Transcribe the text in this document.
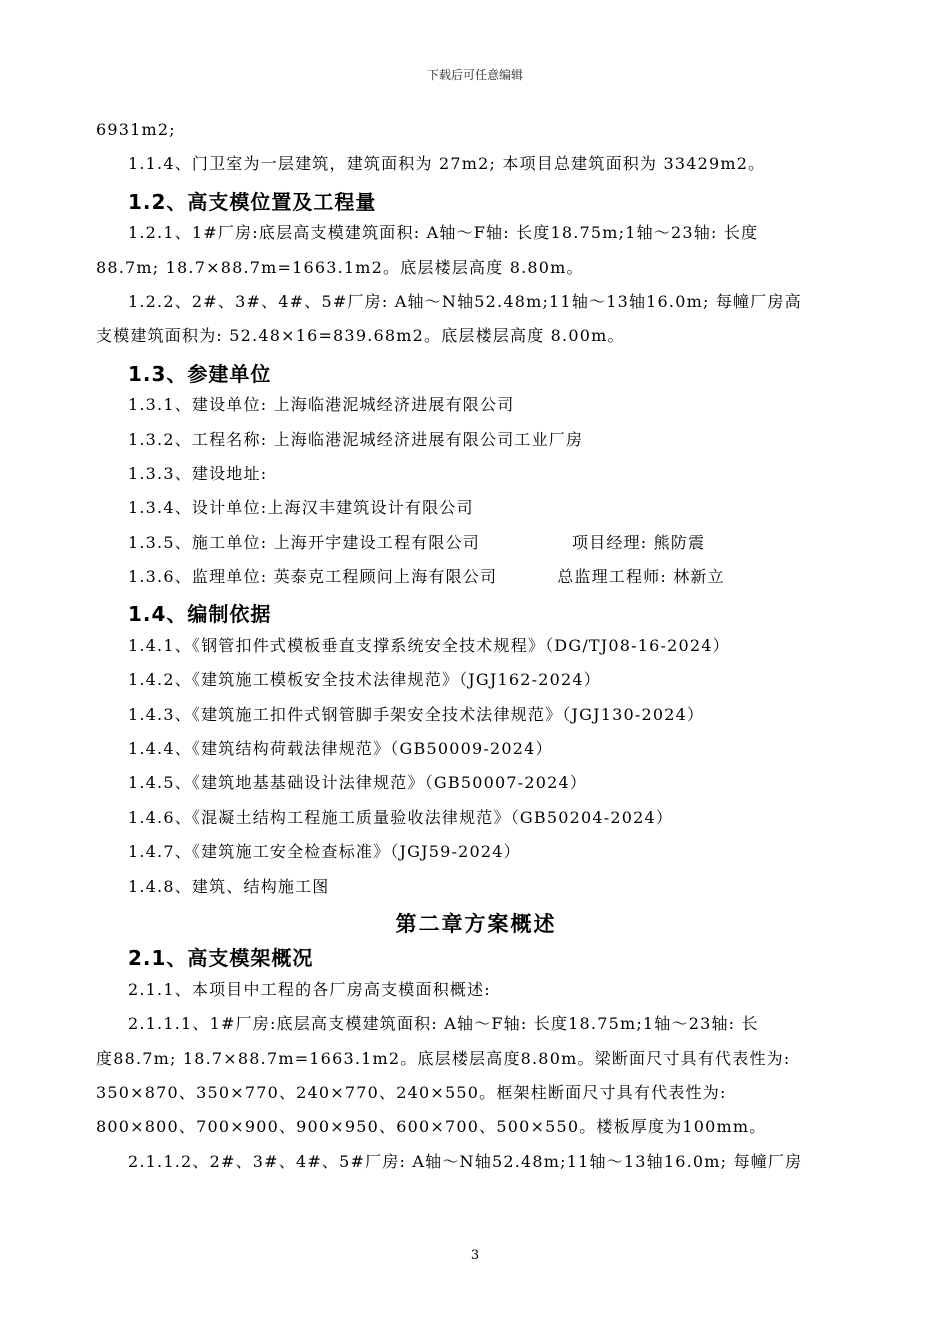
下载后可任意编辑
6931m2;
1.1.4、门卫室为一层建筑，建筑面积为 27m2; 本项目总建筑面积为 33429m2。
1.2、高支模位置及工程量
1.2.1、1#厂房:底层高支模建筑面积: A轴～F轴: 长度18.75m;1轴～23轴: 长度
88.7m; 18.7×88.7m=1663.1m2。底层楼层高度 8.80m。
1.2.2、2#、3#、4#、5#厂房: A轴～N轴52.48m;11轴～13轴16.0m; 每幢厂房高
支模建筑面积为: 52.48×16=839.68m2。底层楼层高度 8.00m。
1.3、参建单位
1.3.1、建设单位: 上海临港泥城经济进展有限公司
1.3.2、工程名称: 上海临港泥城经济进展有限公司工业厂房
1.3.3、建设地址:
1.3.4、设计单位:上海汉丰建筑设计有限公司
1.3.5、施工单位: 上海开宇建设工程有限公司	项目经理: 熊防震
1.3.6、监理单位: 英泰克工程顾问上海有限公司	总监理工程师: 林新立
1.4、编制依据
1.4.1、《钢管扣件式模板垂直支撑系统安全技术规程》（DG/TJ08-16-2024）
1.4.2、《建筑施工模板安全技术法律规范》（JGJ162-2024）
1.4.3、《建筑施工扣件式钢管脚手架安全技术法律规范》（JGJ130-2024）
1.4.4、《建筑结构荷载法律规范》（GB50009-2024）
1.4.5、《建筑地基基础设计法律规范》（GB50007-2024）
1.4.6、《混凝土结构工程施工质量验收法律规范》（GB50204-2024）
1.4.7、《建筑施工安全检查标准》（JGJ59-2024）
1.4.8、建筑、结构施工图
第二章方案概述
2.1、高支模架概况
2.1.1、本项目中工程的各厂房高支模面积概述:
2.1.1.1、1#厂房:底层高支模建筑面积: A轴～F轴: 长度18.75m;1轴～23轴: 长
度88.7m; 18.7×88.7m=1663.1m2。底层楼层高度8.80m。梁断面尺寸具有代表性为:
350×870、350×770、240×770、240×550。框架柱断面尺寸具有代表性为:
800×800、700×900、900×950、600×700、500×550。楼板厚度为100mm。
2.1.1.2、2#、3#、4#、5#厂房: A轴～N轴52.48m;11轴～13轴16.0m; 每幢厂房
3
